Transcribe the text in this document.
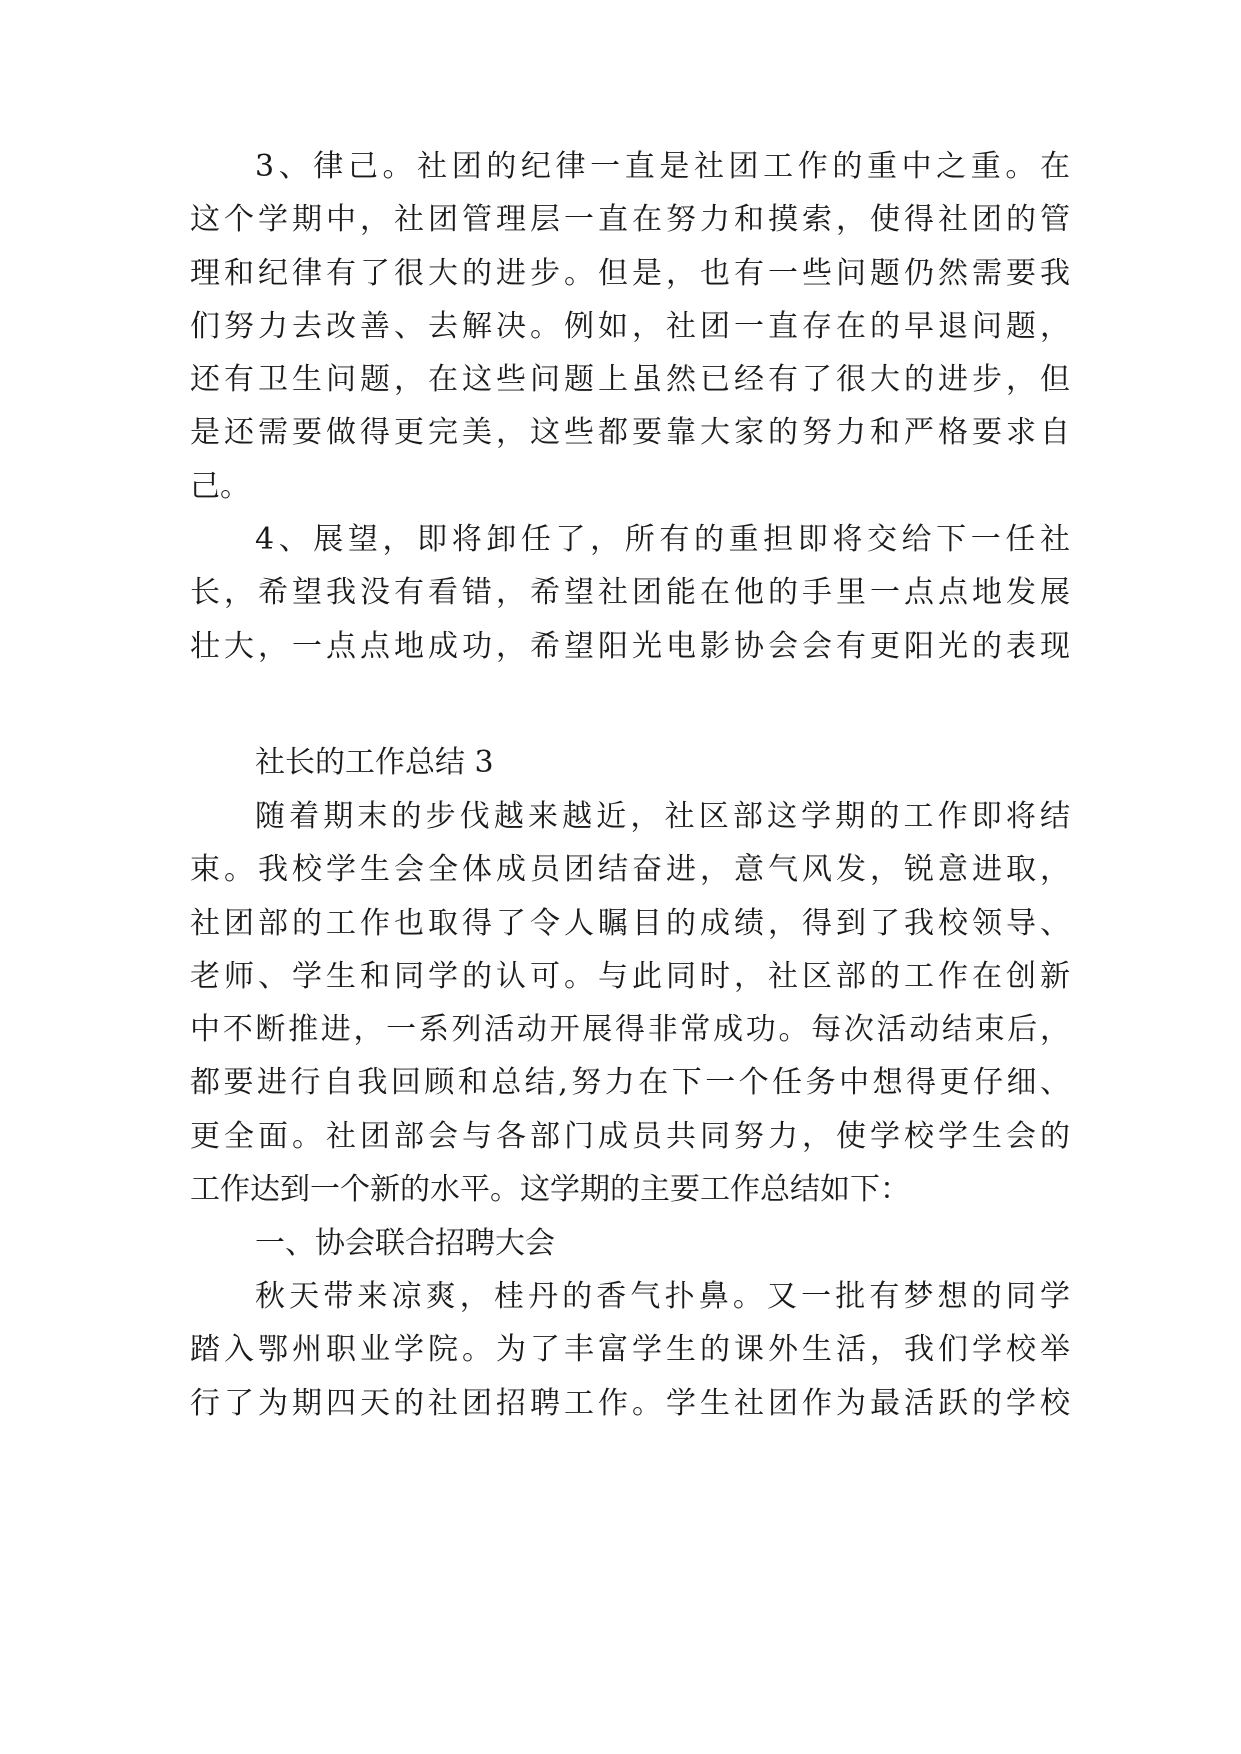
3、律己。社团的纪律一直是社团工作的重中之重。在
这个学期中，社团管理层一直在努力和摸索，使得社团的管
理和纪律有了很大的进步。但是，也有一些问题仍然需要我
们努力去改善、去解决。例如，社团一直存在的早退问题，
还有卫生问题，在这些问题上虽然已经有了很大的进步，但
是还需要做得更完美，这些都要靠大家的努力和严格要求自
己。
4、展望，即将卸任了，所有的重担即将交给下一任社
长，希望我没有看错，希望社团能在他的手里一点点地发展
壮大，一点点地成功，希望阳光电影协会会有更阳光的表现
社长的工作总结 3
随着期末的步伐越来越近，社区部这学期的工作即将结
束。我校学生会全体成员团结奋进，意气风发，锐意进取，
社团部的工作也取得了令人瞩目的成绩，得到了我校领导、
老师、学生和同学的认可。与此同时，社区部的工作在创新
中不断推进，一系列活动开展得非常成功。每次活动结束后，
都要进行自我回顾和总结,努力在下一个任务中想得更仔细、
更全面。社团部会与各部门成员共同努力，使学校学生会的
工作达到一个新的水平。这学期的主要工作总结如下：
一、协会联合招聘大会
秋天带来凉爽，桂丹的香气扑鼻。又一批有梦想的同学
踏入鄂州职业学院。为了丰富学生的课外生活，我们学校举
行了为期四天的社团招聘工作。学生社团作为最活跃的学校
